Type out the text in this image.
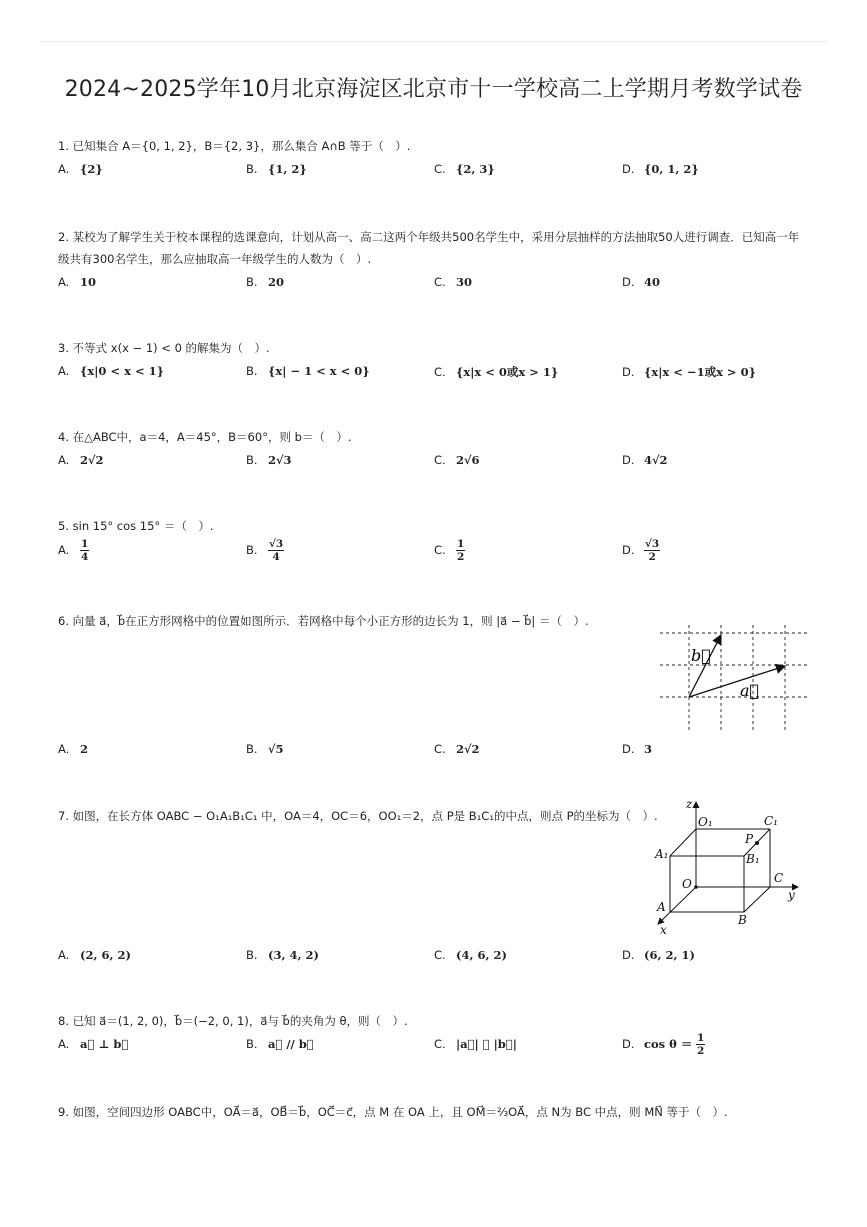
2024~2025学年10月北京海淀区北京市十一学校高二上学期月考数学试卷
1. 已知集合 A＝{0, 1, 2}，B＝{2, 3}，那么集合 A∩B 等于（　）.
A. {2}	B. {1, 2}	C. {2, 3}	D. {0, 1, 2}
2. 某校为了解学生关于校本课程的选课意向，计划从高一、高二这两个年级共500名学生中，采用分层抽样的方法抽取50人进行调查．已知高一年级共有300名学生，那么应抽取高一年级学生的人数为（　）.
A. 10	B. 20	C. 30	D. 40
3. 不等式 x(x − 1) < 0 的解集为（　）.
A. {x|0 < x < 1}	B. {x| − 1 < x < 0}	C. {x|x < 0或x > 1}	D. {x|x < −1或x > 0}
4. 在△ABC中，a＝4，A＝45°，B＝60°，则 b＝（　）.
A. 2√2	B. 2√3	C. 2√6	D. 4√2
5. sin 15° cos 15° ＝（　）.
A. $\frac{1}{4}$	B. $\frac{√3}{4}$	C. $\frac{1}{2}$	D. $\frac{√3}{2}$
6. 向量 a⃗，b⃗在正方形网格中的位置如图所示．若网格中每个小正方形的边长为 1，则 |a⃗ − b⃗| ＝（　）.
b⃗
a⃗
A. 2	B. √5	C. 2√2	D. 3
7. 如图，在长方体 OABC − O₁A₁B₁C₁ 中，OA＝4，OC＝6，OO₁＝2，点 P是 B₁C₁的中点，则点 P的坐标为（　）.
z
O₁	C₁
P
A₁	B₁
O	C
y
A
B
x
A. (2, 6, 2)	B. (3, 4, 2)	C. (4, 6, 2)	D. (6, 2, 1)
8. 已知 a⃗＝(1, 2, 0)，b⃗＝(−2, 0, 1)，a⃗与 b⃗的夹角为 θ，则（　）.
A. a⃗ ⊥ b⃗	B. a⃗ // b⃗	C. |a⃗| ＝ |b⃗|	D. $\cos \theta = \frac{1}{2}$
9. 如图，空间四边形 OABC中，OA⃗＝a⃗，OB⃗＝b⃗，OC⃗＝c⃗，点 M 在 OA 上，且 OM⃗＝⅔OA⃗，点 N为 BC 中点，则 MN⃗ 等于（　）.
